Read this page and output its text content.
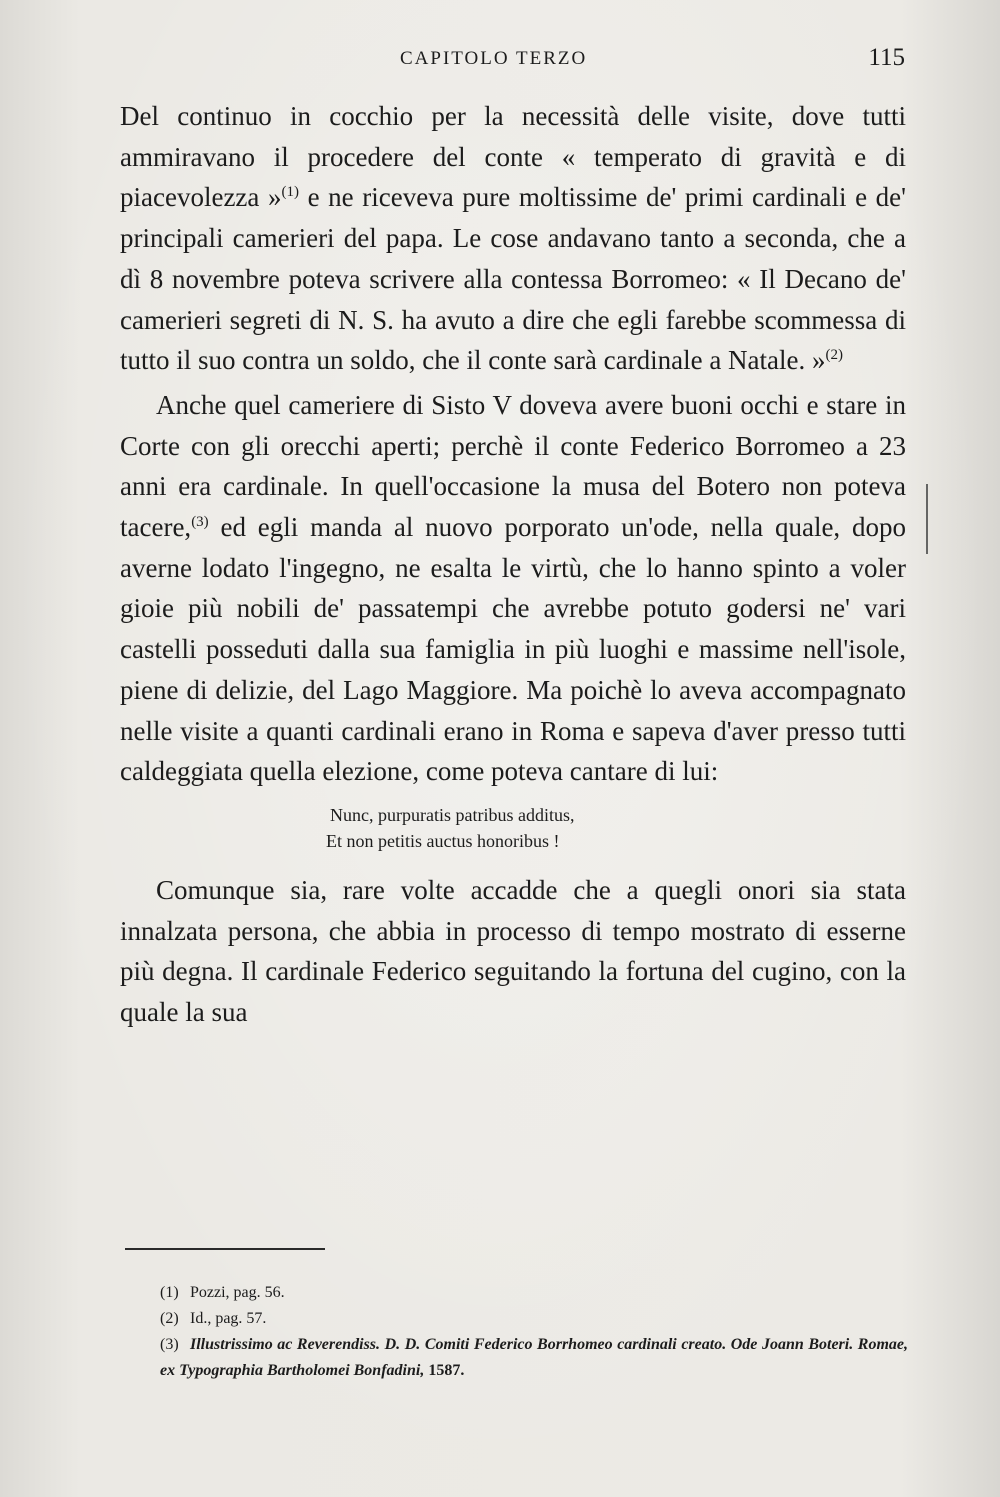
CAPITOLO TERZO	115

Del continuo in cocchio per la necessità delle visite, dove tutti ammiravano il procedere del conte « temperato di gravità e di piacevolezza »$^{(1)}$ e ne riceveva pure moltissime de' primi cardinali e de' principali camerieri del papa. Le cose andavano tanto a seconda, che a dì 8 novembre poteva scrivere alla contessa Borromeo: « Il Decano de' camerieri segreti di N. S. ha avuto a dire che egli farebbe scommessa di tutto il suo contra un soldo, che il conte sarà cardinale a Natale. »$^{(2)}$

Anche quel cameriere di Sisto V doveva avere buoni occhi e stare in Corte con gli orecchi aperti; perchè il conte Federico Borromeo a 23 anni era cardinale. In quell'occasione la musa del Botero non poteva tacere,$^{(3)}$ ed egli manda al nuovo porporato un'ode, nella quale, dopo averne lodato l'ingegno, ne esalta le virtù, che lo hanno spinto a voler gioie più nobili de' passatempi che avrebbe potuto godersi ne' vari castelli posseduti dalla sua famiglia in più luoghi e massime nell'isole, piene di delizie, del Lago Maggiore. Ma poichè lo aveva accompagnato nelle visite a quanti cardinali erano in Roma e sapeva d'aver presso tutti caldeggiata quella elezione, come poteva cantare di lui:

Nunc, purpuratis patribus additus,
Et non petitis auctus honoribus !

Comunque sia, rare volte accadde che a quegli onori sia stata innalzata persona, che abbia in processo di tempo mostrato di esserne più degna. Il cardinale Federico seguitando la fortuna del cugino, con la quale la sua

(1) Pozzi, pag. 56.

(2) Id., pag. 57.

(3) Illustrissimo ac Reverendiss. D. D. Comiti Federico Borrhomeo cardinali creato. Ode Joann Boteri. Romae, ex Typographia Bartholomei Bonfadini, 1587.
